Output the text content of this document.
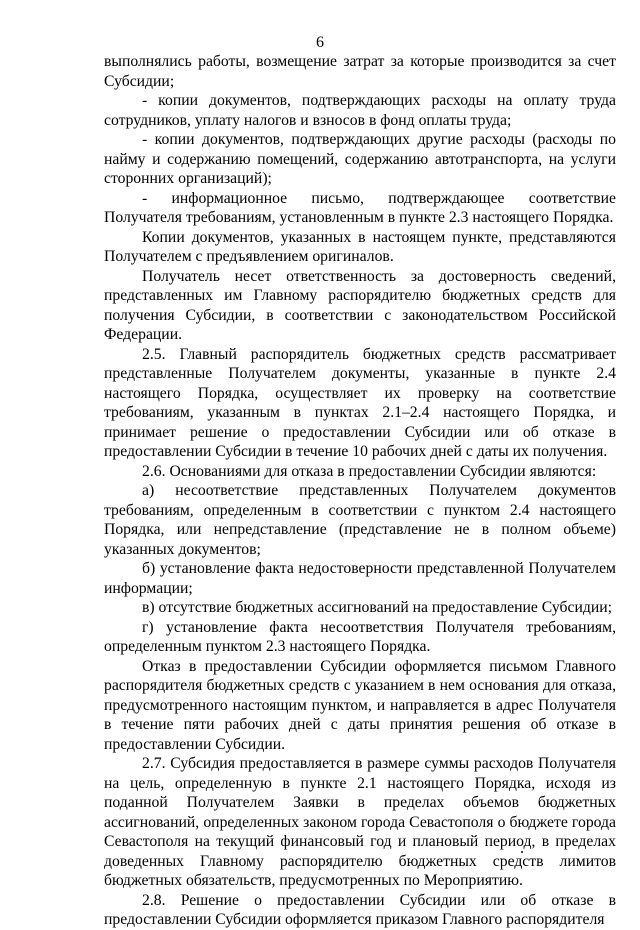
6

выполнялись работы, возмещение затрат за которые производится за счет Субсидии;

- копии документов, подтверждающих расходы на оплату труда сотрудников, уплату налогов и взносов в фонд оплаты труда;

- копии документов, подтверждающих другие расходы (расходы по найму и содержанию помещений, содержанию автотранспорта, на услуги сторонних организаций);

- информационное письмо, подтверждающее соответствие Получателя требованиям, установленным в пункте 2.3 настоящего Порядка.

Копии документов, указанных в настоящем пункте, представляются Получателем с предъявлением оригиналов.

Получатель несет ответственность за достоверность сведений, представленных им Главному распорядителю бюджетных средств для получения Субсидии, в соответствии с законодательством Российской Федерации.

2.5. Главный распорядитель бюджетных средств рассматривает представленные Получателем документы, указанные в пункте 2.4 настоящего Порядка, осуществляет их проверку на соответствие требованиям, указанным в пунктах 2.1–2.4 настоящего Порядка, и принимает решение о предоставлении Субсидии или об отказе в предоставлении Субсидии в течение 10 рабочих дней с даты их получения.

2.6. Основаниями для отказа в предоставлении Субсидии являются:

а) несоответствие представленных Получателем документов требованиям, определенным в соответствии с пунктом 2.4 настоящего Порядка, или непредставление (представление не в полном объеме) указанных документов;

б) установление факта недостоверности представленной Получателем информации;

в) отсутствие бюджетных ассигнований на предоставление Субсидии;

г) установление факта несоответствия Получателя требованиям, определенным пунктом 2.3 настоящего Порядка.

Отказ в предоставлении Субсидии оформляется письмом Главного распорядителя бюджетных средств с указанием в нем основания для отказа, предусмотренного настоящим пунктом, и направляется в адрес Получателя в течение пяти рабочих дней с даты принятия решения об отказе в предоставлении Субсидии.

2.7. Субсидия предоставляется в размере суммы расходов Получателя на цель, определенную в пункте 2.1 настоящего Порядка, исходя из поданной Получателем Заявки в пределах объемов бюджетных ассигнований, определенных законом города Севастополя о бюджете города Севастополя на текущий финансовый год и плановый период, в пределах доведенных Главному распорядителю бюджетных средств лимитов бюджетных обязательств, предусмотренных по Мероприятию.

2.8. Решение о предоставлении Субсидии или об отказе в предоставлении Субсидии оформляется приказом Главного распорядителя
